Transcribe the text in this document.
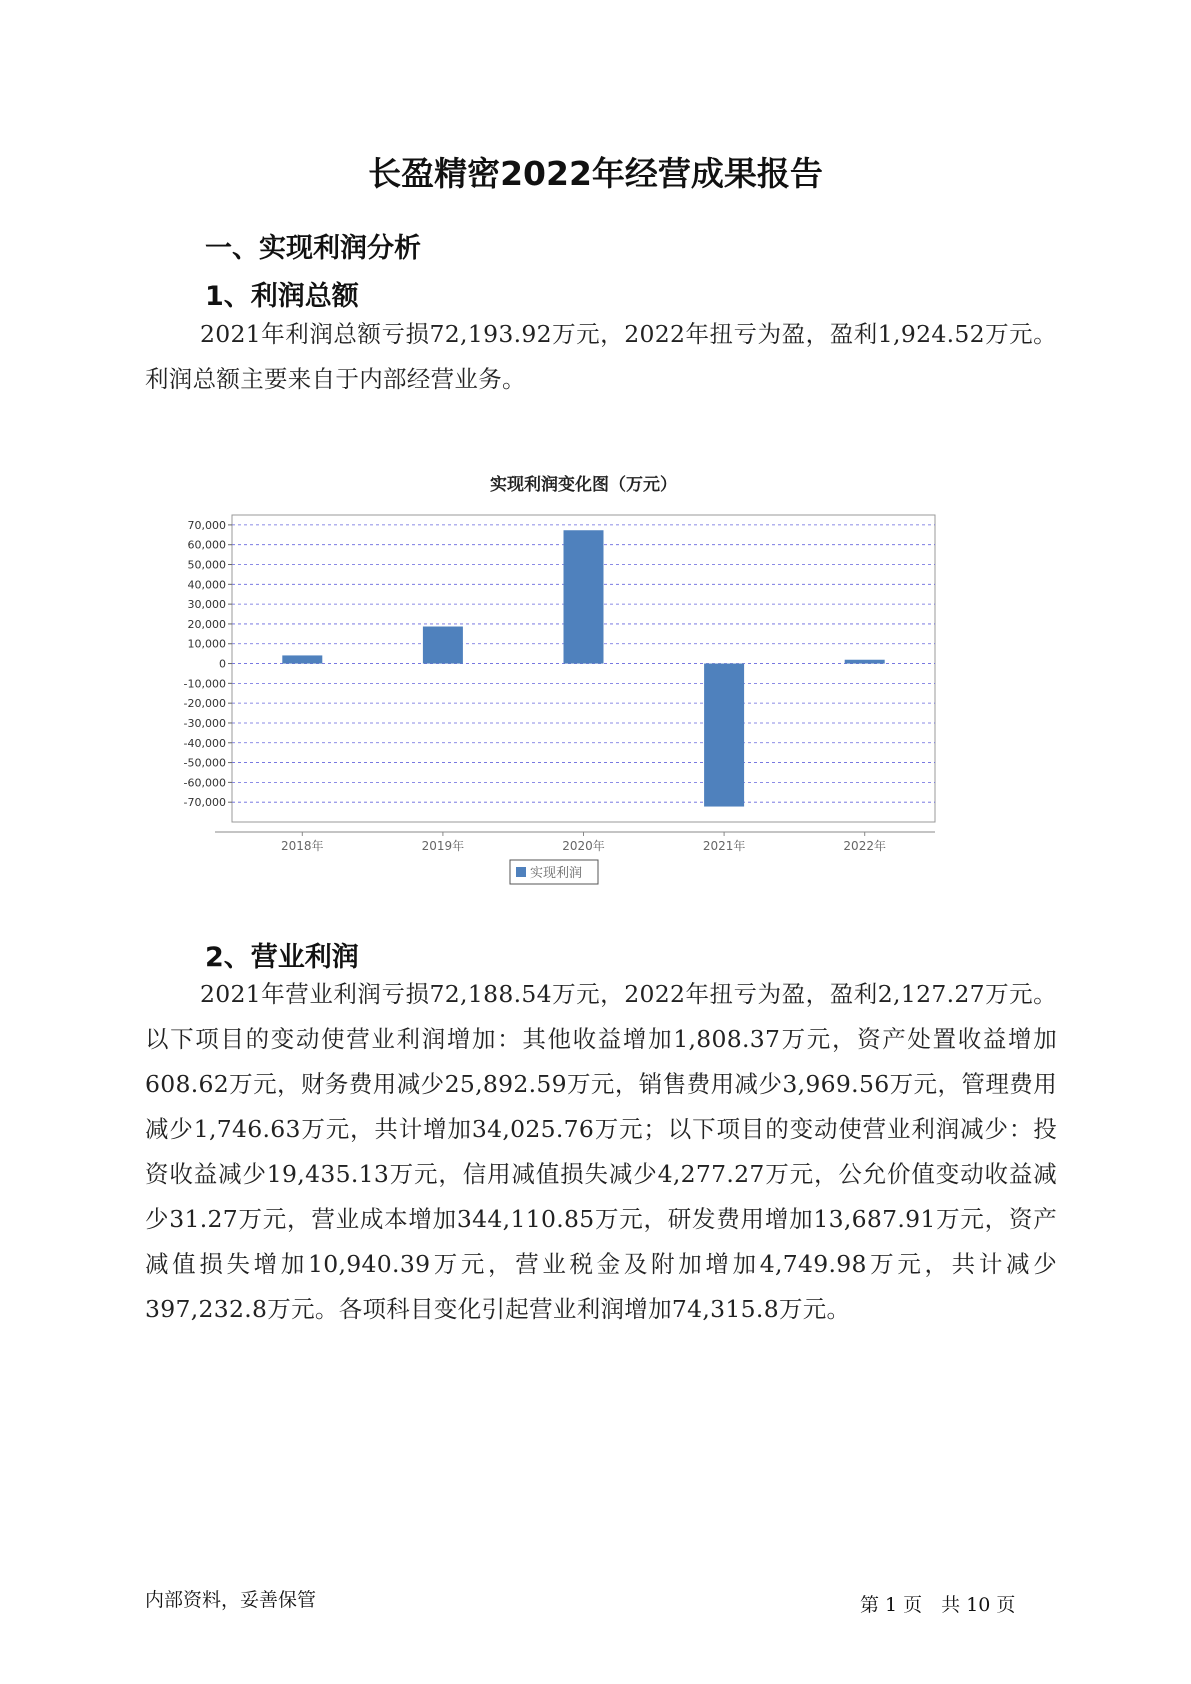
长盈精密2022年经营成果报告
一、实现利润分析
1、利润总额
2021年利润总额亏损72,193.92万元，2022年扭亏为盈，盈利1,924.52万元。利润总额主要来自于内部经营业务。
实现利润变化图（万元）
70,000
60,000
50,000
40,000
30,000
20,000
10,000
0
-10,000
-20,000
-30,000
-40,000
-50,000
-60,000
-70,000
2018年	2019年	2020年	2021年	2022年
实现利润
2、营业利润
2021年营业利润亏损72,188.54万元，2022年扭亏为盈，盈利2,127.27万元。以下项目的变动使营业利润增加：其他收益增加1,808.37万元，资产处置收益增加608.62万元，财务费用减少25,892.59万元，销售费用减少3,969.56万元，管理费用减少1,746.63万元，共计增加34,025.76万元；以下项目的变动使营业利润减少：投资收益减少19,435.13万元，信用减值损失减少4,277.27万元，公允价值变动收益减少31.27万元，营业成本增加344,110.85万元，研发费用增加13,687.91万元，资产减值损失增加10,940.39万元，营业税金及附加增加4,749.98万元，共计减少397,232.8万元。各项科目变化引起营业利润增加74,315.8万元。
内部资料，妥善保管	第 1 页　共 10 页
